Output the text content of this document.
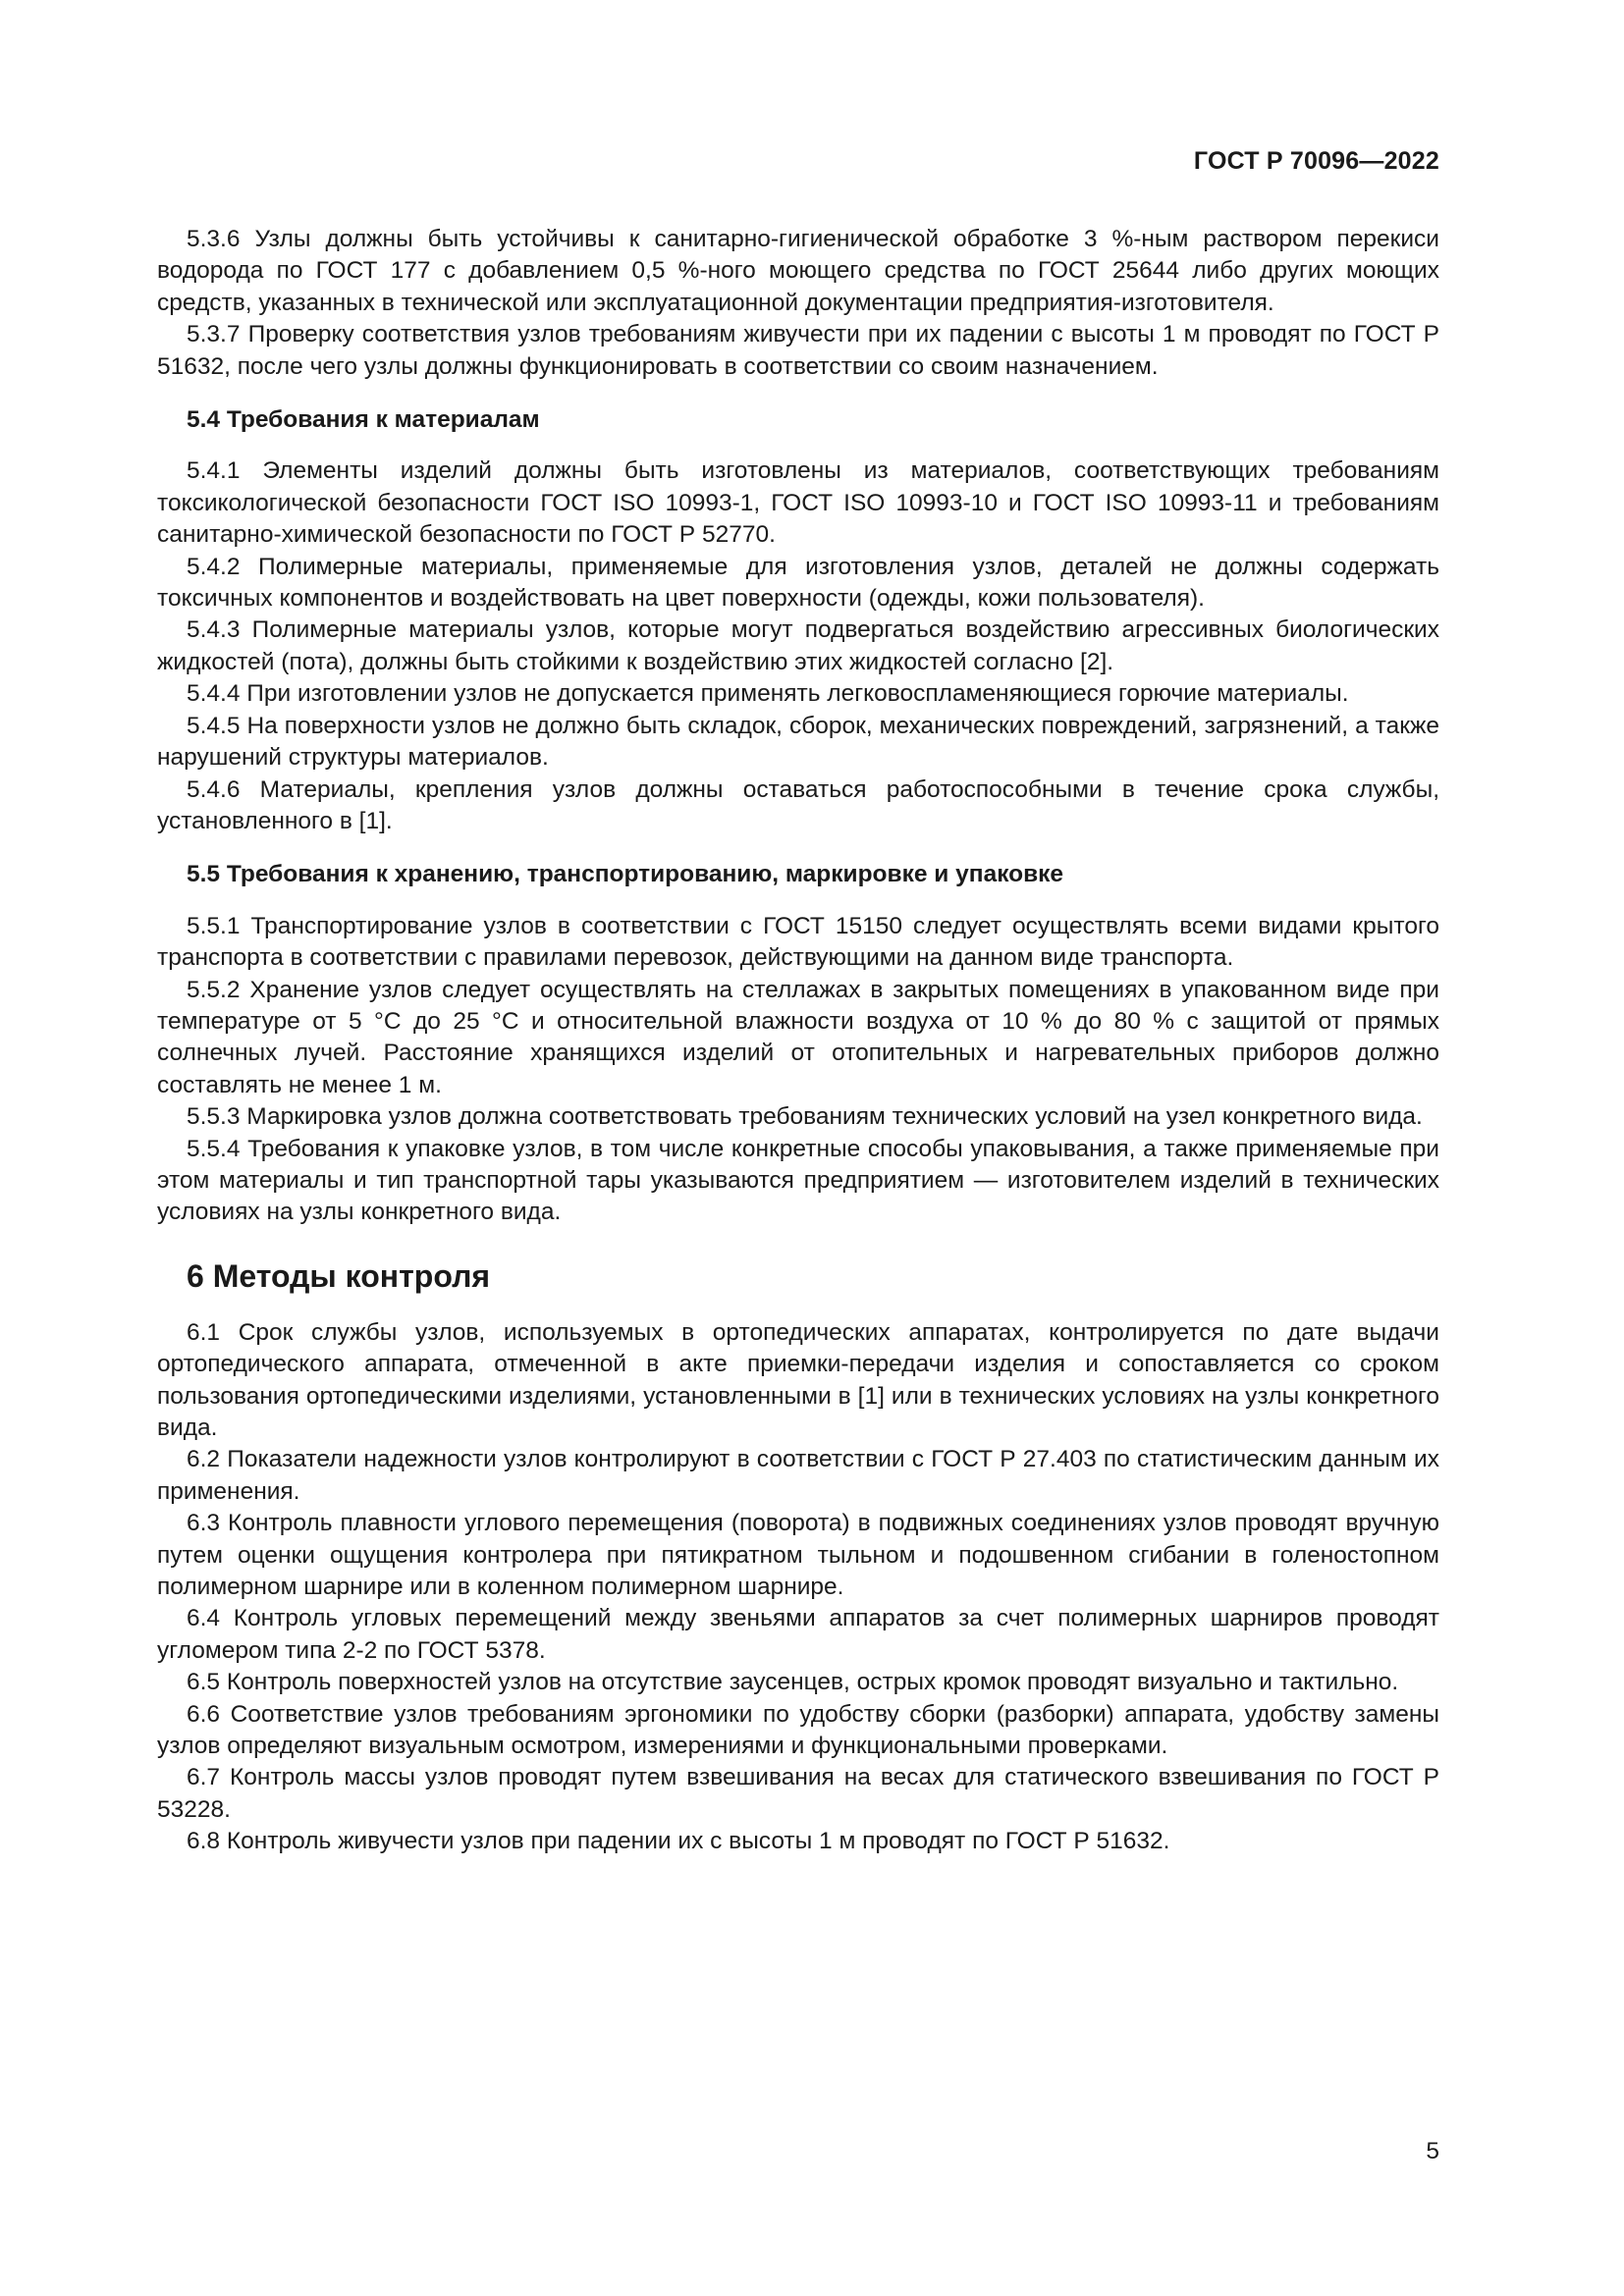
ГОСТ Р 70096—2022

5.3.6 Узлы должны быть устойчивы к санитарно-гигиенической обработке 3 %-ным раствором перекиси водорода по ГОСТ 177 с добавлением 0,5 %-ного моющего средства по ГОСТ 25644 либо других моющих средств, указанных в технической или эксплуатационной документации предприятия-изготовителя.

5.3.7 Проверку соответствия узлов требованиям живучести при их падении с высоты 1 м проводят по ГОСТ Р 51632, после чего узлы должны функционировать в соответствии со своим назначением.

5.4 Требования к материалам

5.4.1 Элементы изделий должны быть изготовлены из материалов, соответствующих требованиям токсикологической безопасности ГОСТ ISO 10993-1, ГОСТ ISO 10993-10 и ГОСТ ISO 10993-11 и требованиям санитарно-химической безопасности по ГОСТ Р 52770.

5.4.2 Полимерные материалы, применяемые для изготовления узлов, деталей не должны содержать токсичных компонентов и воздействовать на цвет поверхности (одежды, кожи пользователя).

5.4.3 Полимерные материалы узлов, которые могут подвергаться воздействию агрессивных биологических жидкостей (пота), должны быть стойкими к воздействию этих жидкостей согласно [2].

5.4.4 При изготовлении узлов не допускается применять легковоспламеняющиеся горючие материалы.

5.4.5 На поверхности узлов не должно быть складок, сборок, механических повреждений, загрязнений, а также нарушений структуры материалов.

5.4.6 Материалы, крепления узлов должны оставаться работоспособными в течение срока службы, установленного в [1].

5.5 Требования к хранению, транспортированию, маркировке и упаковке

5.5.1 Транспортирование узлов в соответствии с ГОСТ 15150 следует осуществлять всеми видами крытого транспорта в соответствии с правилами перевозок, действующими на данном виде транспорта.

5.5.2 Хранение узлов следует осуществлять на стеллажах в закрытых помещениях в упакованном виде при температуре от 5 °С до 25 °С и относительной влажности воздуха от 10 % до 80 % с защитой от прямых солнечных лучей. Расстояние хранящихся изделий от отопительных и нагревательных приборов должно составлять не менее 1 м.

5.5.3 Маркировка узлов должна соответствовать требованиям технических условий на узел конкретного вида.

5.5.4 Требования к упаковке узлов, в том числе конкретные способы упаковывания, а также применяемые при этом материалы и тип транспортной тары указываются предприятием — изготовителем изделий в технических условиях на узлы конкретного вида.

6 Методы контроля

6.1 Срок службы узлов, используемых в ортопедических аппаратах, контролируется по дате выдачи ортопедического аппарата, отмеченной в акте приемки-передачи изделия и сопоставляется со сроком пользования ортопедическими изделиями, установленными в [1] или в технических условиях на узлы конкретного вида.

6.2 Показатели надежности узлов контролируют в соответствии с ГОСТ Р 27.403 по статистическим данным их применения.

6.3 Контроль плавности углового перемещения (поворота) в подвижных соединениях узлов проводят вручную путем оценки ощущения контролера при пятикратном тыльном и подошвенном сгибании в голеностопном полимерном шарнире или в коленном полимерном шарнире.

6.4 Контроль угловых перемещений между звеньями аппаратов за счет полимерных шарниров проводят угломером типа 2-2 по ГОСТ 5378.

6.5 Контроль поверхностей узлов на отсутствие заусенцев, острых кромок проводят визуально и тактильно.

6.6 Соответствие узлов требованиям эргономики по удобству сборки (разборки) аппарата, удобству замены узлов определяют визуальным осмотром, измерениями и функциональными проверками.

6.7 Контроль массы узлов проводят путем взвешивания на весах для статического взвешивания по ГОСТ Р 53228.

6.8 Контроль живучести узлов при падении их с высоты 1 м проводят по ГОСТ Р 51632.

5
